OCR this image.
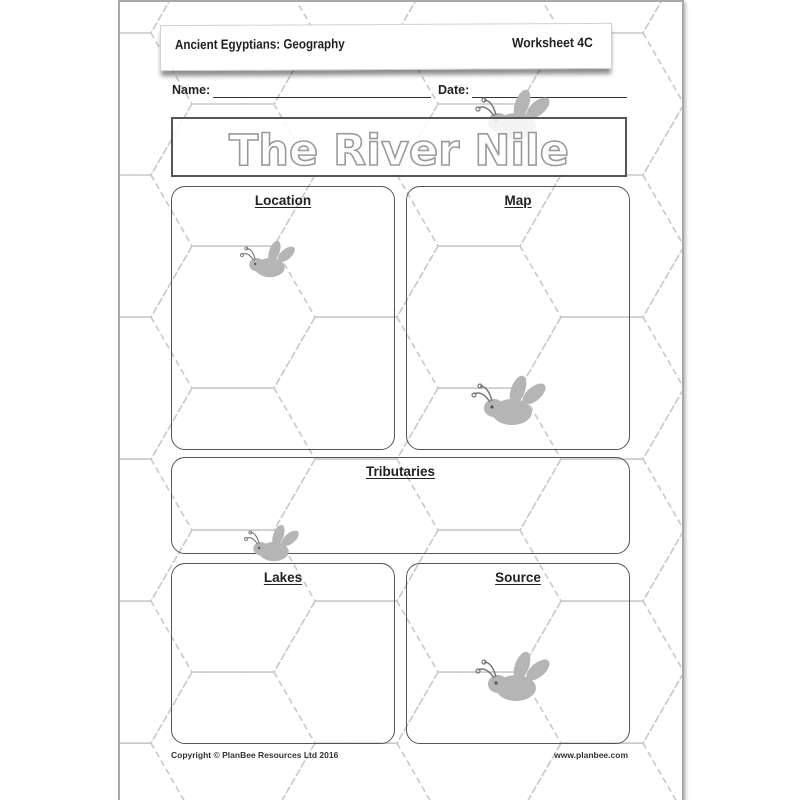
Ancient Egyptians: Geography	Worksheet 4C
Name:	Date:
The River Nile
Location	Map
Tributaries
Lakes	Source
Copyright © PlanBee Resources Ltd 2016	www.planbee.com
